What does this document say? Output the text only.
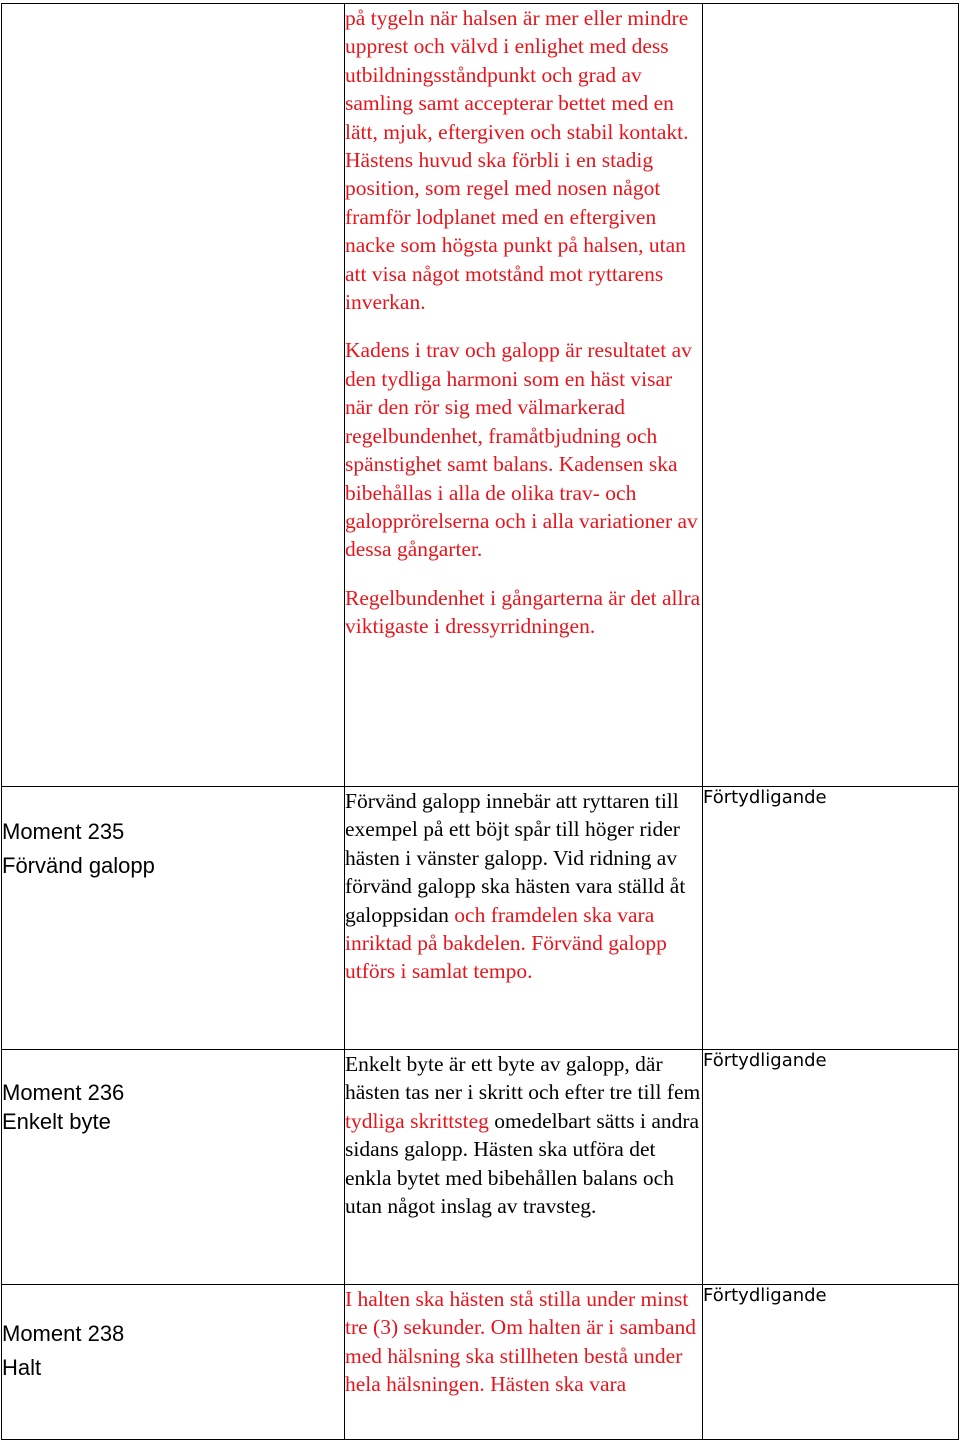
	på tygeln när halsen är mer eller mindre upprest och välvd i enlighet med dess utbildningsståndpunkt och grad av samling samt accepterar bettet med en lätt, mjuk, eftergiven och stabil kontakt. Hästens huvud ska förbli i en stadig position, som regel med nosen något framför lodplanet med en eftergiven nacke som högsta punkt på halsen, utan att visa något motstånd mot ryttarens inverkan.

Kadens i trav och galopp är resultatet av den tydliga harmoni som en häst visar när den rör sig med välmarkerad regelbundenhet, framåtbjudning och spänstighet samt balans. Kadensen ska bibehållas i alla de olika trav- och galopprörelserna och i alla variationer av dessa gångarter.

Regelbundenhet i gångarterna är det allra viktigaste i dressyrridningen.	

Moment 235
Förvänd galopp	Förvänd galopp innebär att ryttaren till exempel på ett böjt spår till höger rider hästen i vänster galopp. Vid ridning av förvänd galopp ska hästen vara ställd åt galoppsidan och framdelen ska vara inriktad på bakdelen. Förvänd galopp utförs i samlat tempo.	Förtydligande

Moment 236
Enkelt byte	Enkelt byte är ett byte av galopp, där hästen tas ner i skritt och efter tre till fem tydliga skrittsteg omedelbart sätts i andra sidans galopp. Hästen ska utföra det enkla bytet med bibehållen balans och utan något inslag av travsteg.	Förtydligande

Moment 238
Halt	I halten ska hästen stå stilla under minst tre (3) sekunder. Om halten är i samband med hälsning ska stillheten bestå under hela hälsningen. Hästen ska vara	Förtydligande
